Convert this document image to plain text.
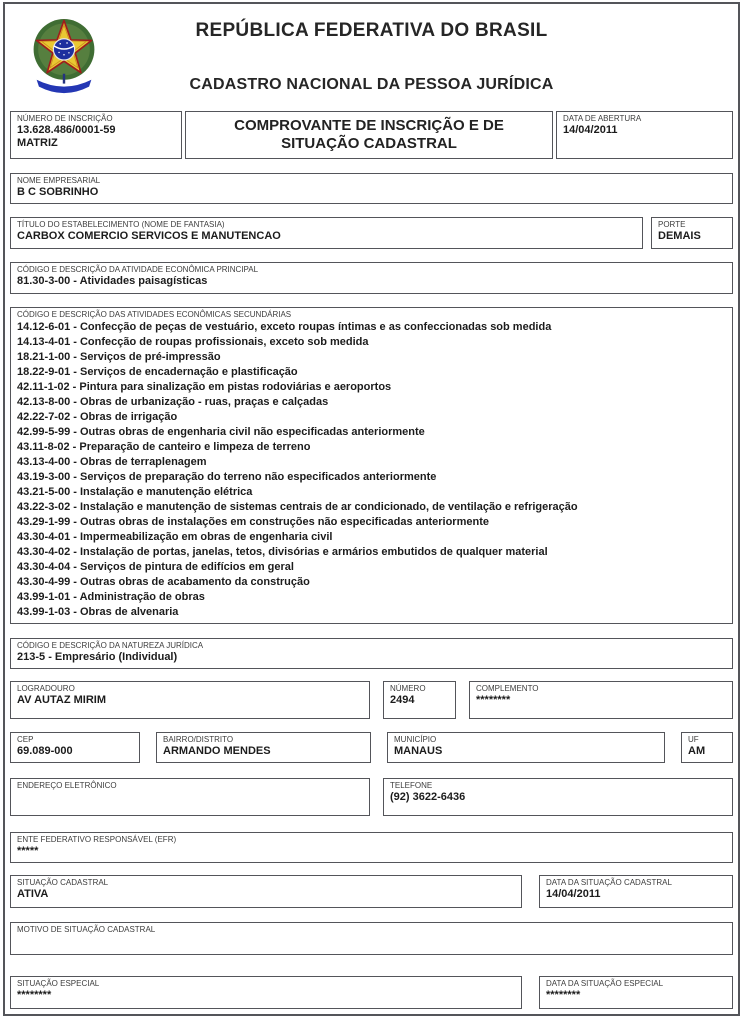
REPÚBLICA FEDERATIVA DO BRASIL
CADASTRO NACIONAL DA PESSOA JURÍDICA
NÚMERO DE INSCRIÇÃO
13.628.486/0001-59
MATRIZ
COMPROVANTE DE INSCRIÇÃO E DE SITUAÇÃO CADASTRAL
DATA DE ABERTURA
14/04/2011
NOME EMPRESARIAL
B C SOBRINHO
TÍTULO DO ESTABELECIMENTO (NOME DE FANTASIA)
CARBOX COMERCIO SERVICOS E MANUTENCAO
PORTE
DEMAIS
CÓDIGO E DESCRIÇÃO DA ATIVIDADE ECONÔMICA PRINCIPAL
81.30-3-00 - Atividades paisagísticas
CÓDIGO E DESCRIÇÃO DAS ATIVIDADES ECONÔMICAS SECUNDÁRIAS
14.12-6-01 - Confecção de peças de vestuário, exceto roupas íntimas e as confeccionadas sob medida
14.13-4-01 - Confecção de roupas profissionais, exceto sob medida
18.21-1-00 - Serviços de pré-impressão
18.22-9-01 - Serviços de encadernação e plastificação
42.11-1-02 - Pintura para sinalização em pistas rodoviárias e aeroportos
42.13-8-00 - Obras de urbanização - ruas, praças e calçadas
42.22-7-02 - Obras de irrigação
42.99-5-99 - Outras obras de engenharia civil não especificadas anteriormente
43.11-8-02 - Preparação de canteiro e limpeza de terreno
43.13-4-00 - Obras de terraplenagem
43.19-3-00 - Serviços de preparação do terreno não especificados anteriormente
43.21-5-00 - Instalação e manutenção elétrica
43.22-3-02 - Instalação e manutenção de sistemas centrais de ar condicionado, de ventilação e refrigeração
43.29-1-99 - Outras obras de instalações em construções não especificadas anteriormente
43.30-4-01 - Impermeabilização em obras de engenharia civil
43.30-4-02 - Instalação de portas, janelas, tetos, divisórias e armários embutidos de qualquer material
43.30-4-04 - Serviços de pintura de edifícios em geral
43.30-4-99 - Outras obras de acabamento da construção
43.99-1-01 - Administração de obras
43.99-1-03 - Obras de alvenaria
CÓDIGO E DESCRIÇÃO DA NATUREZA JURÍDICA
213-5 - Empresário (Individual)
LOGRADOURO
AV AUTAZ MIRIM
NÚMERO
2494
COMPLEMENTO
********
CEP
69.089-000
BAIRRO/DISTRITO
ARMANDO MENDES
MUNICÍPIO
MANAUS
UF
AM
ENDEREÇO ELETRÔNICO	TELEFONE
(92) 3622-6436
ENTE FEDERATIVO RESPONSÁVEL (EFR)
*****
SITUAÇÃO CADASTRAL
ATIVA
DATA DA SITUAÇÃO CADASTRAL
14/04/2011
MOTIVO DE SITUAÇÃO CADASTRAL
SITUAÇÃO ESPECIAL
********
DATA DA SITUAÇÃO ESPECIAL
********
